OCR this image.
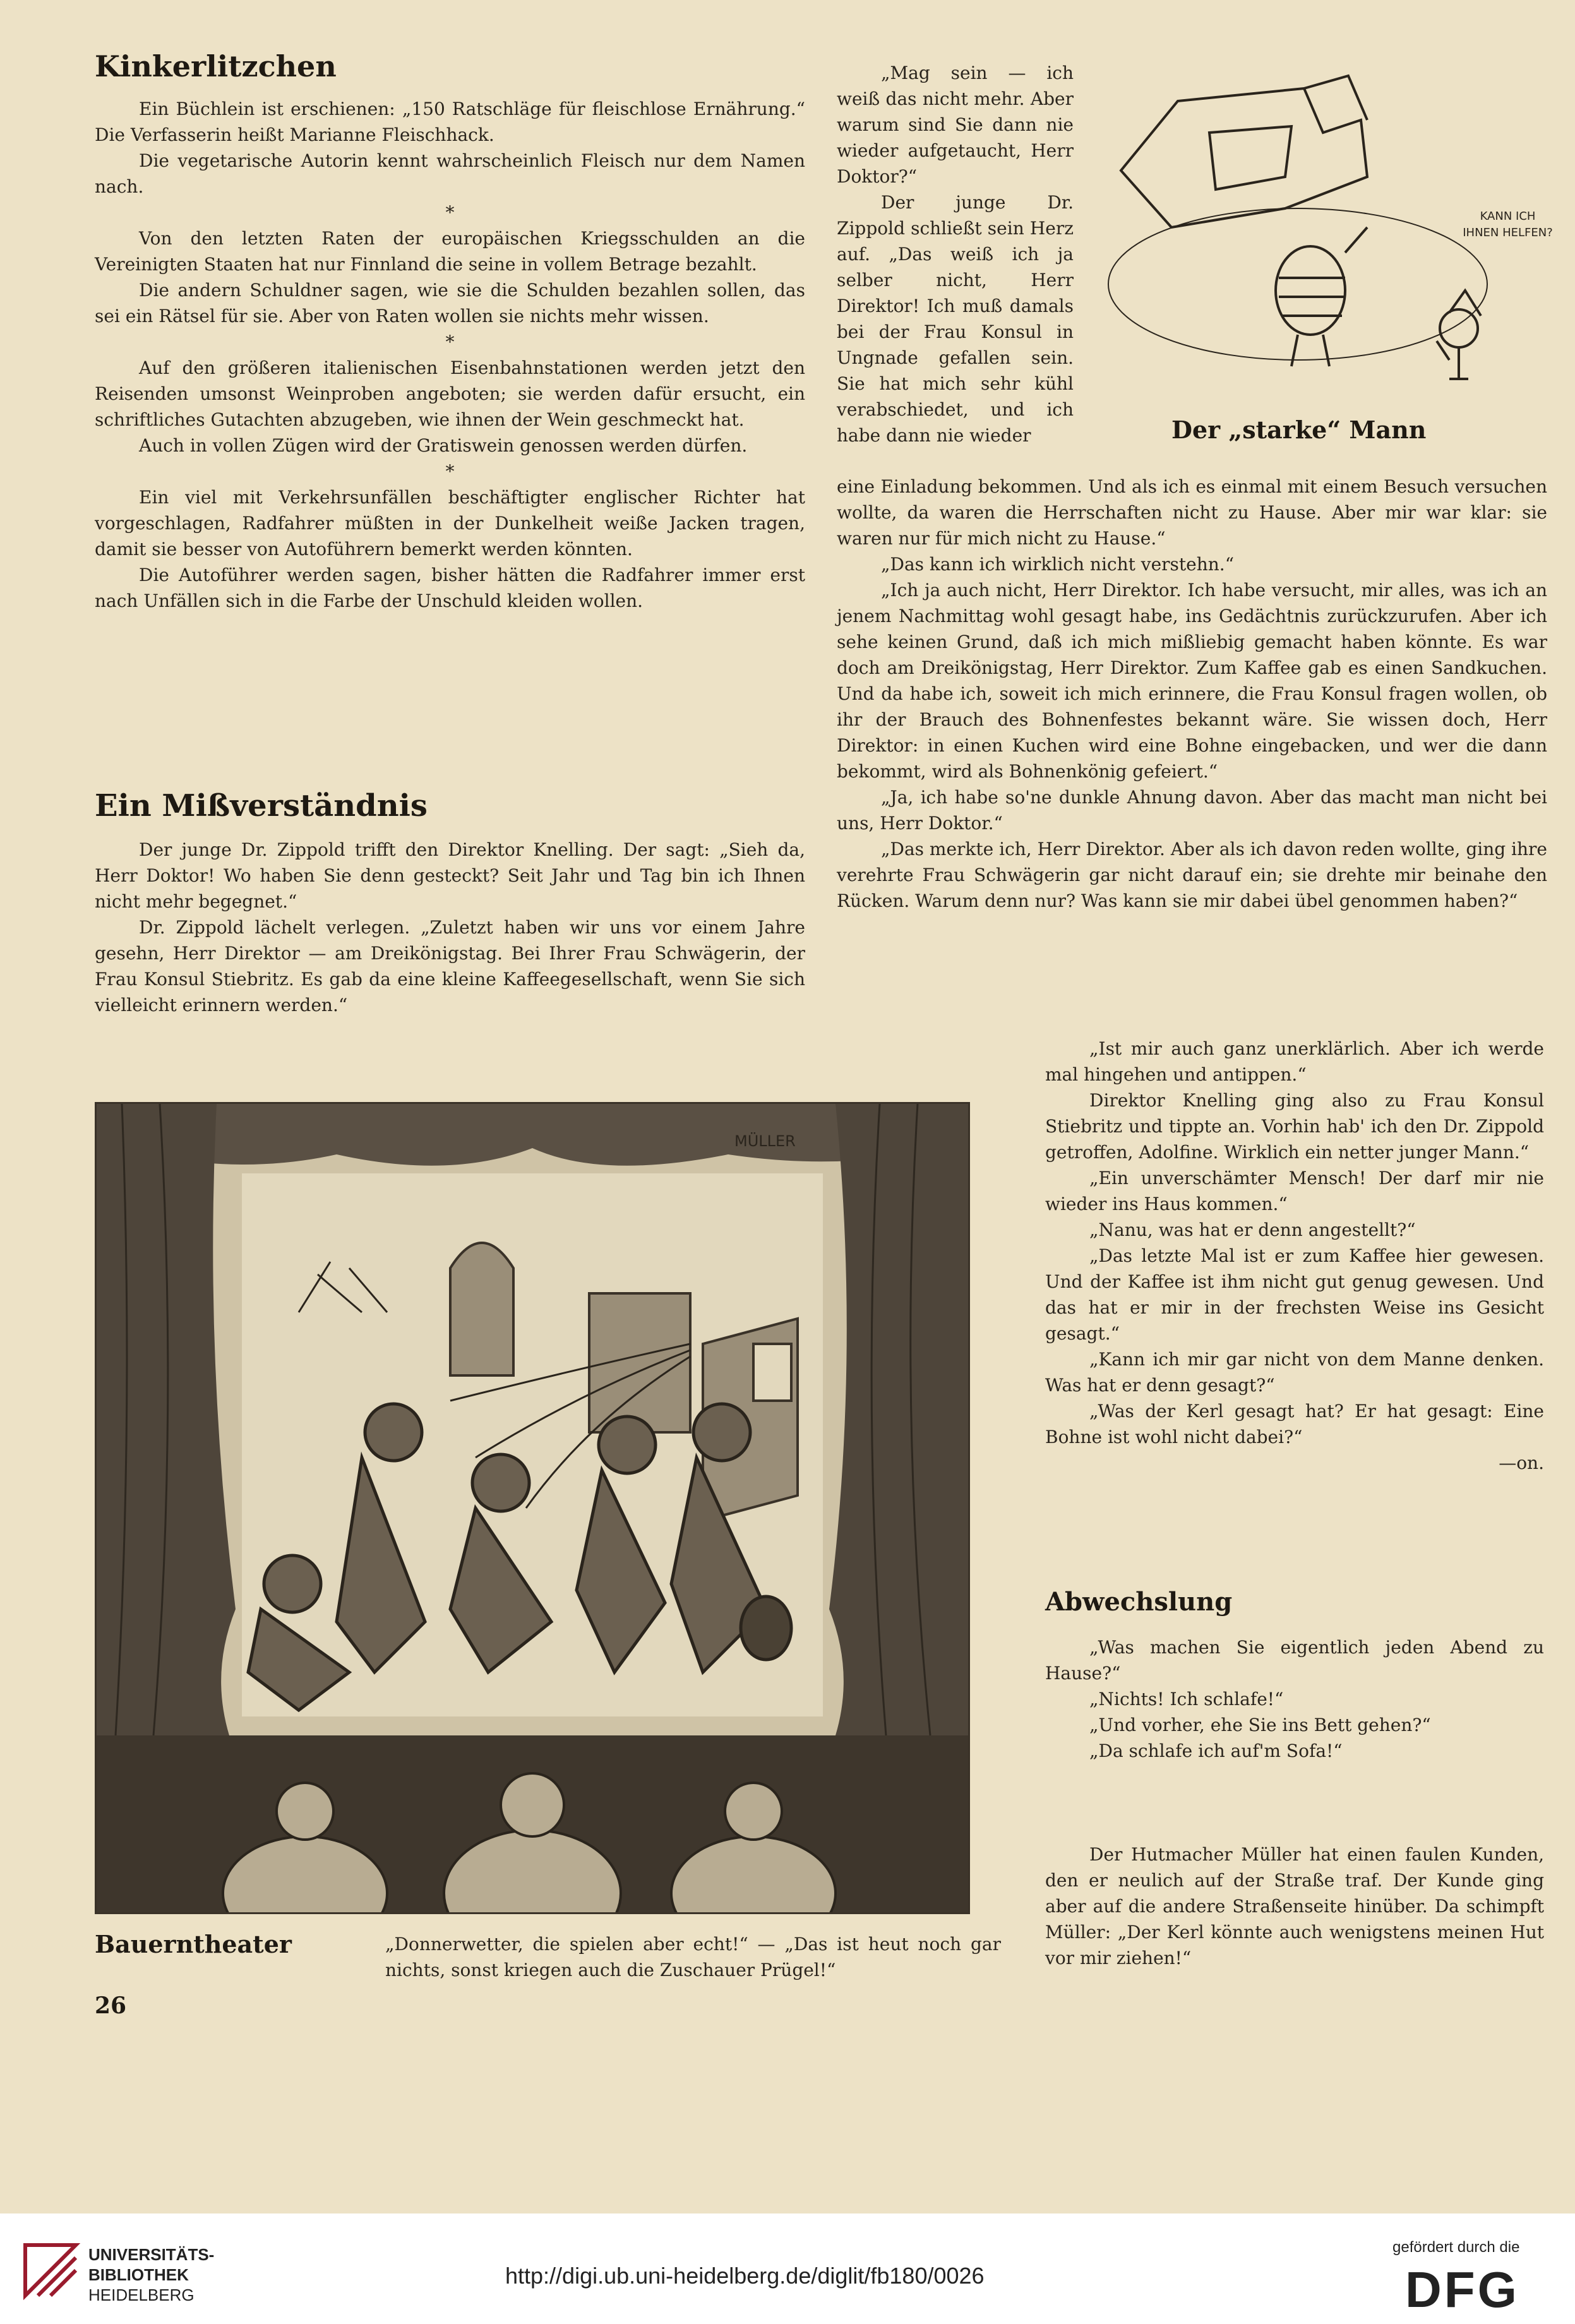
Kinkerlitzchen

Ein Büchlein ist erschienen: „150 Ratschläge für fleischlose Ernährung.“ Die Verfasserin heißt Marianne Fleischhack.

Die vegetarische Autorin kennt wahrscheinlich Fleisch nur dem Namen nach.

*

Von den letzten Raten der europäischen Kriegsschulden an die Vereinigten Staaten hat nur Finnland die seine in vollem Betrage bezahlt.

Die andern Schuldner sagen, wie sie die Schulden bezahlen sollen, das sei ein Rätsel für sie. Aber von Raten wollen sie nichts mehr wissen.

*

Auf den größeren italienischen Eisenbahnstationen werden jetzt den Reisenden umsonst Weinproben angeboten; sie werden dafür ersucht, ein schriftliches Gutachten abzugeben, wie ihnen der Wein geschmeckt hat.

Auch in vollen Zügen wird der Gratiswein genossen werden dürfen.

*

Ein viel mit Verkehrsunfällen beschäftigter englischer Richter hat vorgeschlagen, Radfahrer müßten in der Dunkelheit weiße Jacken tragen, damit sie besser von Autoführern bemerkt werden könnten.

Die Autoführer werden sagen, bisher hätten die Radfahrer immer erst nach Unfällen sich in die Farbe der Unschuld kleiden wollen.

Ein Mißverständnis

Der junge Dr. Zippold trifft den Direktor Knelling. Der sagt: „Sieh da, Herr Doktor! Wo haben Sie denn gesteckt? Seit Jahr und Tag bin ich Ihnen nicht mehr begegnet.“

Dr. Zippold lächelt verlegen. „Zuletzt haben wir uns vor einem Jahre gesehn, Herr Direktor — am Dreikönigstag. Bei Ihrer Frau Schwägerin, der Frau Konsul Stiebritz. Es gab da eine kleine Kaffeegesellschaft, wenn Sie sich vielleicht erinnern werden.“

„Mag sein — ich weiß das nicht mehr. Aber warum sind Sie dann nie wieder aufgetaucht, Herr Doktor?“

Der junge Dr. Zippold schließt sein Herz auf. „Das weiß ich ja selber nicht, Herr Direktor! Ich muß damals bei der Frau Konsul in Ungnade gefallen sein. Sie hat mich sehr kühl verabschiedet, und ich habe dann nie wieder

KANN ICH IHNEN HELFEN?
Der „starke“ Mann

eine Einladung bekommen. Und als ich es einmal mit einem Besuch versuchen wollte, da waren die Herrschaften nicht zu Hause. Aber mir war klar: sie waren nur für mich nicht zu Hause.“

„Das kann ich wirklich nicht verstehn.“

„Ich ja auch nicht, Herr Direktor. Ich habe versucht, mir alles, was ich an jenem Nachmittag wohl gesagt habe, ins Gedächtnis zurückzurufen. Aber ich sehe keinen Grund, daß ich mich mißliebig gemacht haben könnte. Es war doch am Dreikönigstag, Herr Direktor. Zum Kaffee gab es einen Sandkuchen. Und da habe ich, soweit ich mich erinnere, die Frau Konsul fragen wollen, ob ihr der Brauch des Bohnenfestes bekannt wäre. Sie wissen doch, Herr Direktor: in einen Kuchen wird eine Bohne eingebacken, und wer die dann bekommt, wird als Bohnenkönig gefeiert.“

„Ja, ich habe so'ne dunkle Ahnung davon. Aber das macht man nicht bei uns, Herr Doktor.“

„Das merkte ich, Herr Direktor. Aber als ich davon reden wollte, ging ihre verehrte Frau Schwägerin gar nicht darauf ein; sie drehte mir beinahe den Rücken. Warum denn nur? Was kann sie mir dabei übel genommen haben?“

„Ist mir auch ganz unerklärlich. Aber ich werde mal hingehen und antippen.“

Direktor Knelling ging also zu Frau Konsul Stiebritz und tippte an. Vorhin hab' ich den Dr. Zippold getroffen, Adolfine. Wirklich ein netter junger Mann.“

„Ein unverschämter Mensch! Der darf mir nie wieder ins Haus kommen.“

„Nanu, was hat er denn angestellt?“

„Das letzte Mal ist er zum Kaffee hier gewesen. Und der Kaffee ist ihm nicht gut genug gewesen. Und das hat er mir in der frechsten Weise ins Gesicht gesagt.“

„Kann ich mir gar nicht von dem Manne denken. Was hat er denn gesagt?“

„Was der Kerl gesagt hat? Er hat gesagt: Eine Bohne ist wohl nicht dabei?“

—on.

MÜLLER
Bauerntheater	„Donnerwetter, die spielen aber echt!“ — „Das ist heut noch gar nichts, sonst kriegen auch die Zuschauer Prügel!“
Abwechslung

„Was machen Sie eigentlich jeden Abend zu Hause?“

„Nichts! Ich schlafe!“

„Und vorher, ehe Sie ins Bett gehen?“

„Da schlafe ich auf'm Sofa!“

Der Hutmacher Müller hat einen faulen Kunden, den er neulich auf der Straße traf. Der Kunde ging aber auf die andere Straßenseite hinüber. Da schimpft Müller: „Der Kerl könnte auch wenigstens meinen Hut vor mir ziehen!“

26
UNIVERSITÄTS-
BIBLIOTHEK
HEIDELBERG
http://digi.ub.uni-heidelberg.de/diglit/fb180/0026
gefördert durch die
DFG
